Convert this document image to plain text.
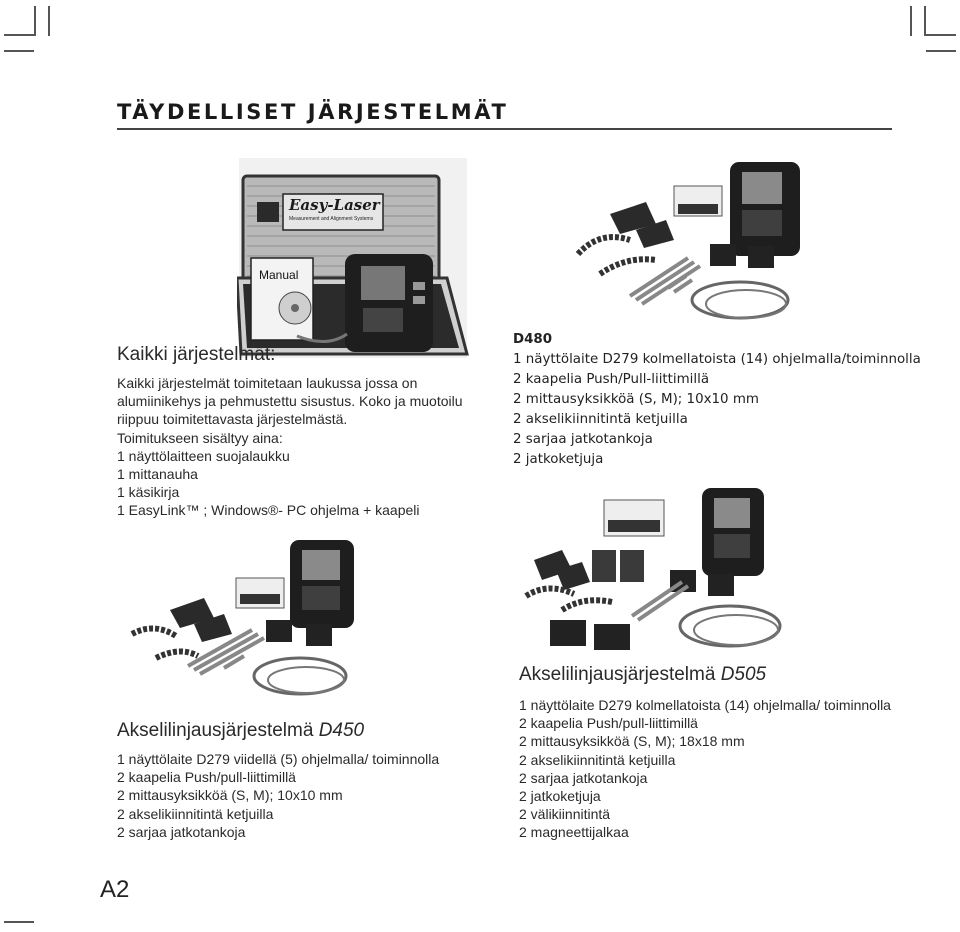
TÄYDELLISET JÄRJESTELMÄT
Easy-Laser
Measurement and Alignment Systems
Manual
Kaikki järjestelmät:
Kaikki järjestelmät toimitetaan laukussa jossa on
alumiinikehys ja pehmustettu sisustus. Koko ja muotoilu
riippuu toimitettavasta järjestelmästä.
Toimitukseen sisältyy aina:
1 näyttölaitteen suojalaukku
1 mittanauha
1 käsikirja
1 EasyLink™ ; Windows®- PC ohjelma + kaapeli
D480
1 näyttölaite D279 kolmellatoista (14) ohjelmalla/toiminnolla
2 kaapelia Push/Pull-liittimillä
2 mittausyksikköä (S, M); 10x10 mm
2 akselikiinnitintä ketjuilla
2 sarjaa jatkotankoja
2 jatkoketjuja
Akselilinjausjärjestelmä D450
1 näyttölaite D279 viidellä (5) ohjelmalla/ toiminnolla
2 kaapelia Push/pull-liittimillä
2 mittausyksikköä (S, M); 10x10 mm
2 akselikiinnitintä ketjuilla
2 sarjaa jatkotankoja
Akselilinjausjärjestelmä D505
1 näyttölaite D279 kolmellatoista (14) ohjelmalla/ toiminnolla
2 kaapelia Push/pull-liittimillä
2 mittausyksikköä (S, M); 18x18 mm
2 akselikiinnitintä ketjuilla
2 sarjaa jatkotankoja
2 jatkoketjuja
2 välikiinnitintä
2 magneettijalkaa
A2
